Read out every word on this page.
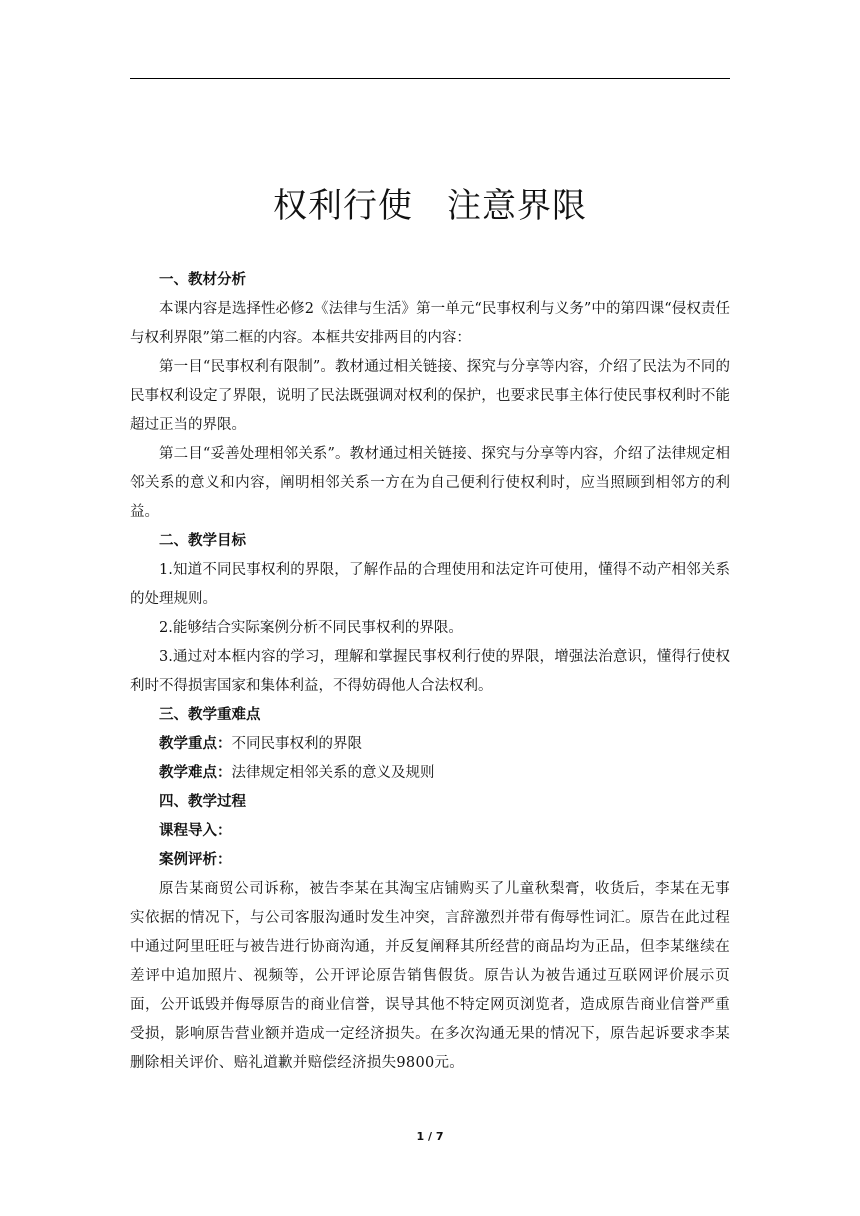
权利行使 注意界限

一、教材分析

本课内容是选择性必修2《法律与生活》第一单元“民事权利与义务”中的第四课“侵权责任与权利界限”第二框的内容。本框共安排两目的内容：

第一目“民事权利有限制”。教材通过相关链接、探究与分享等内容，介绍了民法为不同的民事权利设定了界限，说明了民法既强调对权利的保护，也要求民事主体行使民事权利时不能超过正当的界限。

第二目“妥善处理相邻关系”。教材通过相关链接、探究与分享等内容，介绍了法律规定相邻关系的意义和内容，阐明相邻关系一方在为自己便利行使权利时，应当照顾到相邻方的利益。

二、教学目标

1.知道不同民事权利的界限，了解作品的合理使用和法定许可使用，懂得不动产相邻关系的处理规则。

2.能够结合实际案例分析不同民事权利的界限。

3.通过对本框内容的学习，理解和掌握民事权利行使的界限，增强法治意识，懂得行使权利时不得损害国家和集体利益，不得妨碍他人合法权利。

三、教学重难点

教学重点：不同民事权利的界限

教学难点：法律规定相邻关系的意义及规则

四、教学过程

课程导入：

案例评析：

原告某商贸公司诉称，被告李某在其淘宝店铺购买了儿童秋梨膏，收货后，李某在无事实依据的情况下，与公司客服沟通时发生冲突，言辞激烈并带有侮辱性词汇。原告在此过程中通过阿里旺旺与被告进行协商沟通，并反复阐释其所经营的商品均为正品，但李某继续在差评中追加照片、视频等，公开评论原告销售假货。原告认为被告通过互联网评价展示页面，公开诋毁并侮辱原告的商业信誉，误导其他不特定网页浏览者，造成原告商业信誉严重受损，影响原告营业额并造成一定经济损失。在多次沟通无果的情况下，原告起诉要求李某删除相关评价、赔礼道歉并赔偿经济损失9800元。

1 / 7
